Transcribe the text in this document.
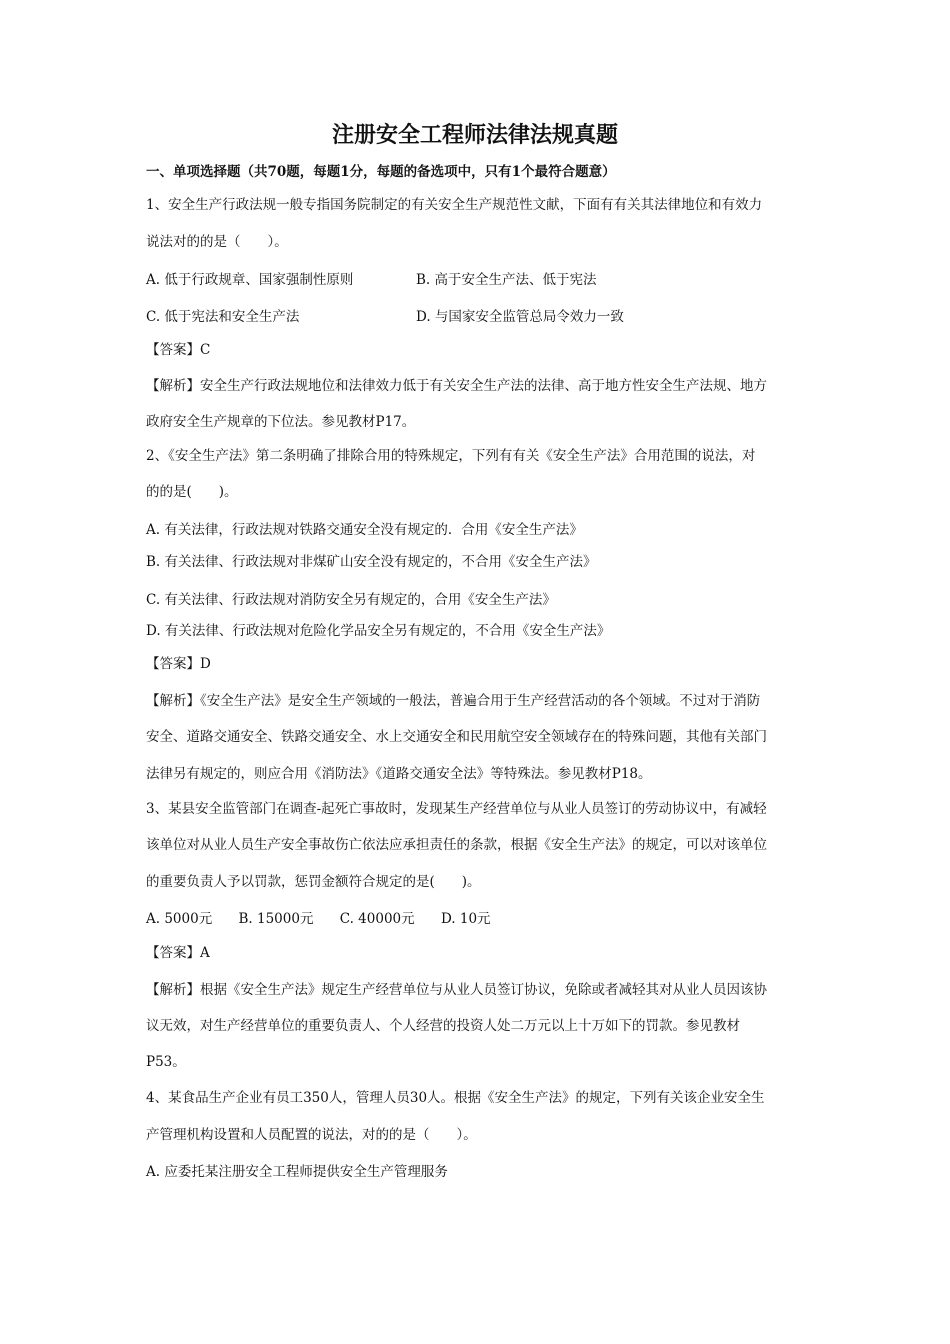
注册安全工程师法律法规真题
一、单项选择题（共70题，每题1分，每题的备选项中，只有1个最符合题意）
1、安全生产行政法规一般专指国务院制定的有关安全生产规范性文献，下面有有关其法律地位和有效力
说法对的的是（　　）。
A. 低于行政规章、国家强制性原则	B. 高于安全生产法、低于宪法
C. 低于宪法和安全生产法	D. 与国家安全监管总局令效力一致
【答案】C
【解析】安全生产行政法规地位和法律效力低于有关安全生产法的法律、高于地方性安全生产法规、地方
政府安全生产规章的下位法。参见教材P17。
2、《安全生产法》第二条明确了排除合用的特殊规定，下列有有关《安全生产法》合用范围的说法，对
的的是(　　)。
A. 有关法律，行政法规对铁路交通安全没有规定的．合用《安全生产法》
B. 有关法律、行政法规对非煤矿山安全没有规定的，不合用《安全生产法》
C. 有关法律、行政法规对消防安全另有规定的，合用《安全生产法》
D. 有关法律、行政法规对危险化学品安全另有规定的，不合用《安全生产法》
【答案】D
【解析】《安全生产法》是安全生产领域的一般法，普遍合用于生产经营活动的各个领域。不过对于消防
安全、道路交通安全、铁路交通安全、水上交通安全和民用航空安全领域存在的特殊问题，其他有关部门
法律另有规定的，则应合用《消防法》《道路交通安全法》等特殊法。参见教材P18。
3、某县安全监管部门在调查-起死亡事故时，发现某生产经营单位与从业人员签订的劳动协议中，有减轻
该单位对从业人员生产安全事故伤亡依法应承担责任的条款，根据《安全生产法》的规定，可以对该单位
的重要负责人予以罚款，惩罚金额符合规定的是(　　)。
A. 5000元 B. 15000元 C. 40000元 D. 10元
【答案】A
【解析】根据《安全生产法》规定生产经营单位与从业人员签订协议，免除或者减轻其对从业人员因该协
议无效，对生产经营单位的重要负责人、个人经营的投资人处二万元以上十万如下的罚款。参见教材
P53。
4、某食品生产企业有员工350人，管理人员30人。根据《安全生产法》的规定，下列有关该企业安全生
产管理机构设置和人员配置的说法，对的的是（　　）。
A. 应委托某注册安全工程师提供安全生产管理服务
